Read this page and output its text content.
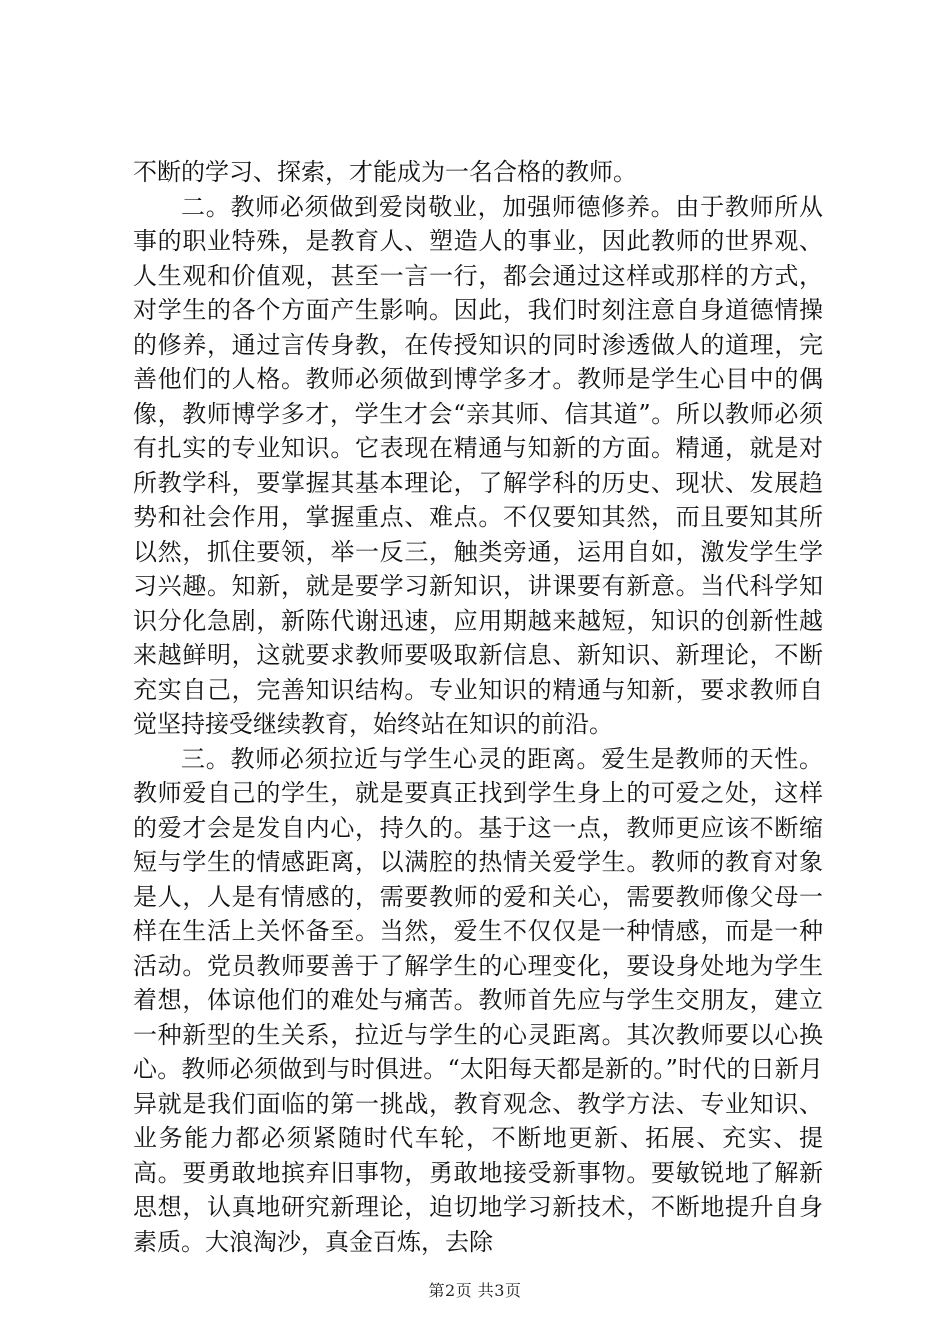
不断的学习、探索，才能成为一名合格的教师。

二。教师必须做到爱岗敬业，加强师德修养。由于教师所从事的职业特殊，是教育人、塑造人的事业，因此教师的世界观、人生观和价值观，甚至一言一行，都会通过这样或那样的方式，对学生的各个方面产生影响。因此，我们时刻注意自身道德情操的修养，通过言传身教，在传授知识的同时渗透做人的道理，完善他们的人格。教师必须做到博学多才。教师是学生心目中的偶像，教师博学多才，学生才会“亲其师、信其道”。所以教师必须有扎实的专业知识。它表现在精通与知新的方面。精通，就是对所教学科，要掌握其基本理论，了解学科的历史、现状、发展趋势和社会作用，掌握重点、难点。不仅要知其然，而且要知其所以然，抓住要领，举一反三，触类旁通，运用自如，激发学生学习兴趣。知新，就是要学习新知识，讲课要有新意。当代科学知识分化急剧，新陈代谢迅速，应用期越来越短，知识的创新性越来越鲜明，这就要求教师要吸取新信息、新知识、新理论，不断充实自己，完善知识结构。专业知识的精通与知新，要求教师自觉坚持接受继续教育，始终站在知识的前沿。

三。教师必须拉近与学生心灵的距离。爱生是教师的天性。教师爱自己的学生，就是要真正找到学生身上的可爱之处，这样的爱才会是发自内心，持久的。基于这一点，教师更应该不断缩短与学生的情感距离，以满腔的热情关爱学生。教师的教育对象是人，人是有情感的，需要教师的爱和关心，需要教师像父母一样在生活上关怀备至。当然，爱生不仅仅是一种情感，而是一种活动。党员教师要善于了解学生的心理变化，要设身处地为学生着想，体谅他们的难处与痛苦。教师首先应与学生交朋友，建立一种新型的生关系，拉近与学生的心灵距离。其次教师要以心换心。教师必须做到与时俱进。“太阳每天都是新的。”时代的日新月异就是我们面临的第一挑战，教育观念、教学方法、专业知识、业务能力都必须紧随时代车轮，不断地更新、拓展、充实、提高。要勇敢地摈弃旧事物，勇敢地接受新事物。要敏锐地了解新思想，认真地研究新理论，迫切地学习新技术，不断地提升自身素质。大浪淘沙，真金百炼，去除

第2页 共3页
